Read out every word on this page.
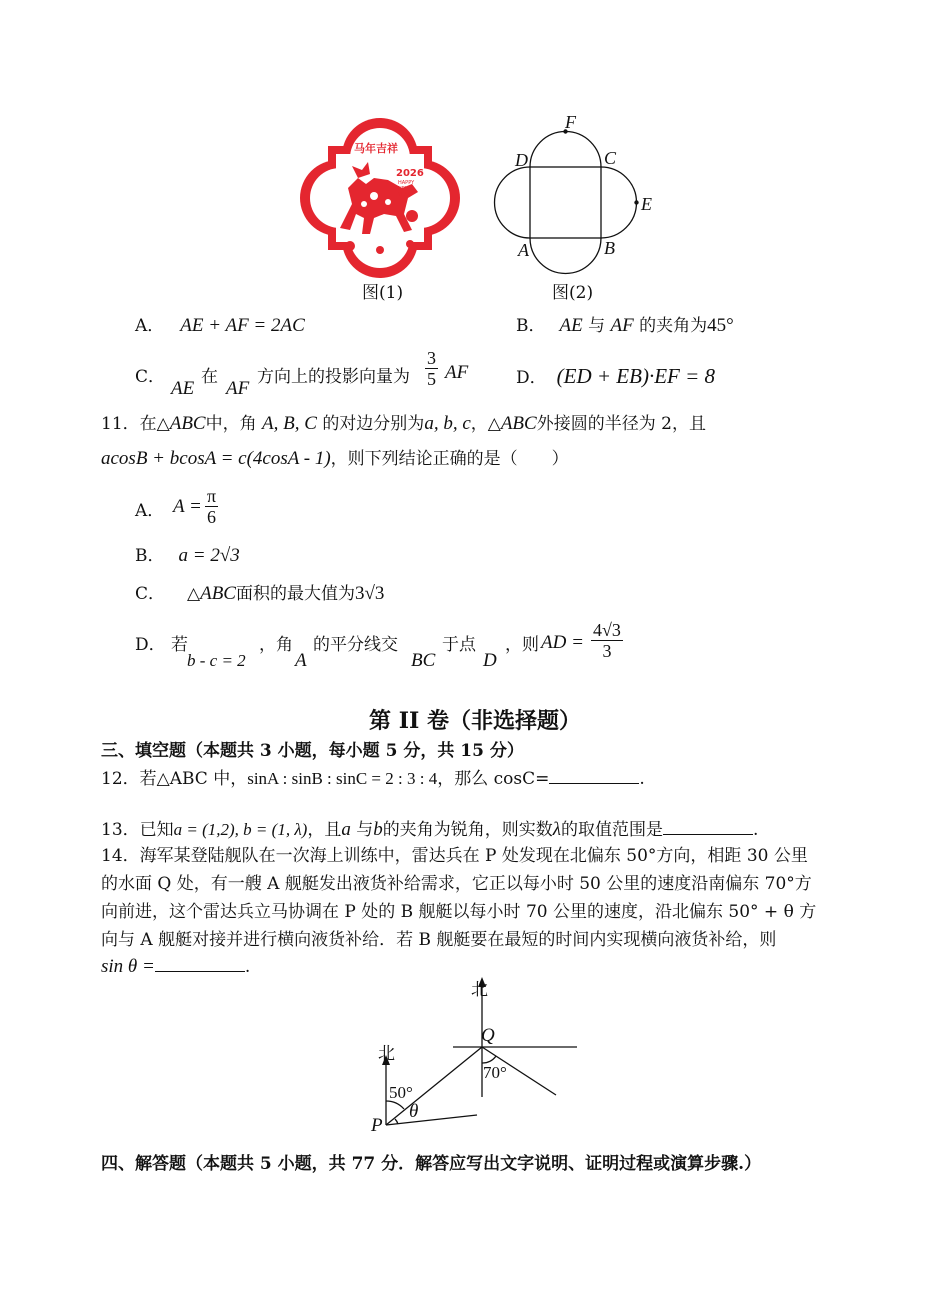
马年吉祥
2026
HAPPY NEW YEAR
图(1)
F
D	C
E
A	B
图(2)
A． AE + AF = 2AC	B． AE 与 AF 的夹角为45°
C．
AE
在
AF
方向上的投影向量为 $\frac{3}{5}$ AF	D． (ED + EB)·EF = 8
11．在△ABC中，角 A, B, C 的对边分别为a, b, c，△ABC外接圆的半径为 2，且
acosB + bcosA = c(4cosA - 1)，则下列结论正确的是（　　）
A． $A = \frac{\pi}{6}$
B． a = 2√3
C． △ABC面积的最大值为3√3
D． 若
b - c = 2
，角
A
的平分线交
BC
于点
D
，则 AD = $\frac{4√3}{3}$
第 II 卷（非选择题）
三、填空题（本题共 3 小题，每小题 5 分，共 15 分）
12．若△ABC 中，sinA : sinB : sinC = 2 : 3 : 4，那么 cosC=	.
13．已知a = (1,2), b = (1, λ)，且a 与b的夹角为锐角，则实数λ的取值范围是	.
14．海军某登陆舰队在一次海上训练中，雷达兵在 P 处发现在北偏东 50°方向，相距 30 公里
的水面 Q 处，有一艘 A 舰艇发出液货补给需求，它正以每小时 50 公里的速度沿南偏东 70°方
向前进，这个雷达兵立马协调在 P 处的 B 舰艇以每小时 70 公里的速度，沿北偏东 50° + θ 方
向与 A 舰艇对接并进行横向液货补给．若 B 舰艇要在最短的时间内实现横向液货补给，则
sin θ =	.
北
北
Q
P
70°
50°
θ
四、解答题（本题共 5 小题，共 77 分．解答应写出文字说明、证明过程或演算步骤.）
